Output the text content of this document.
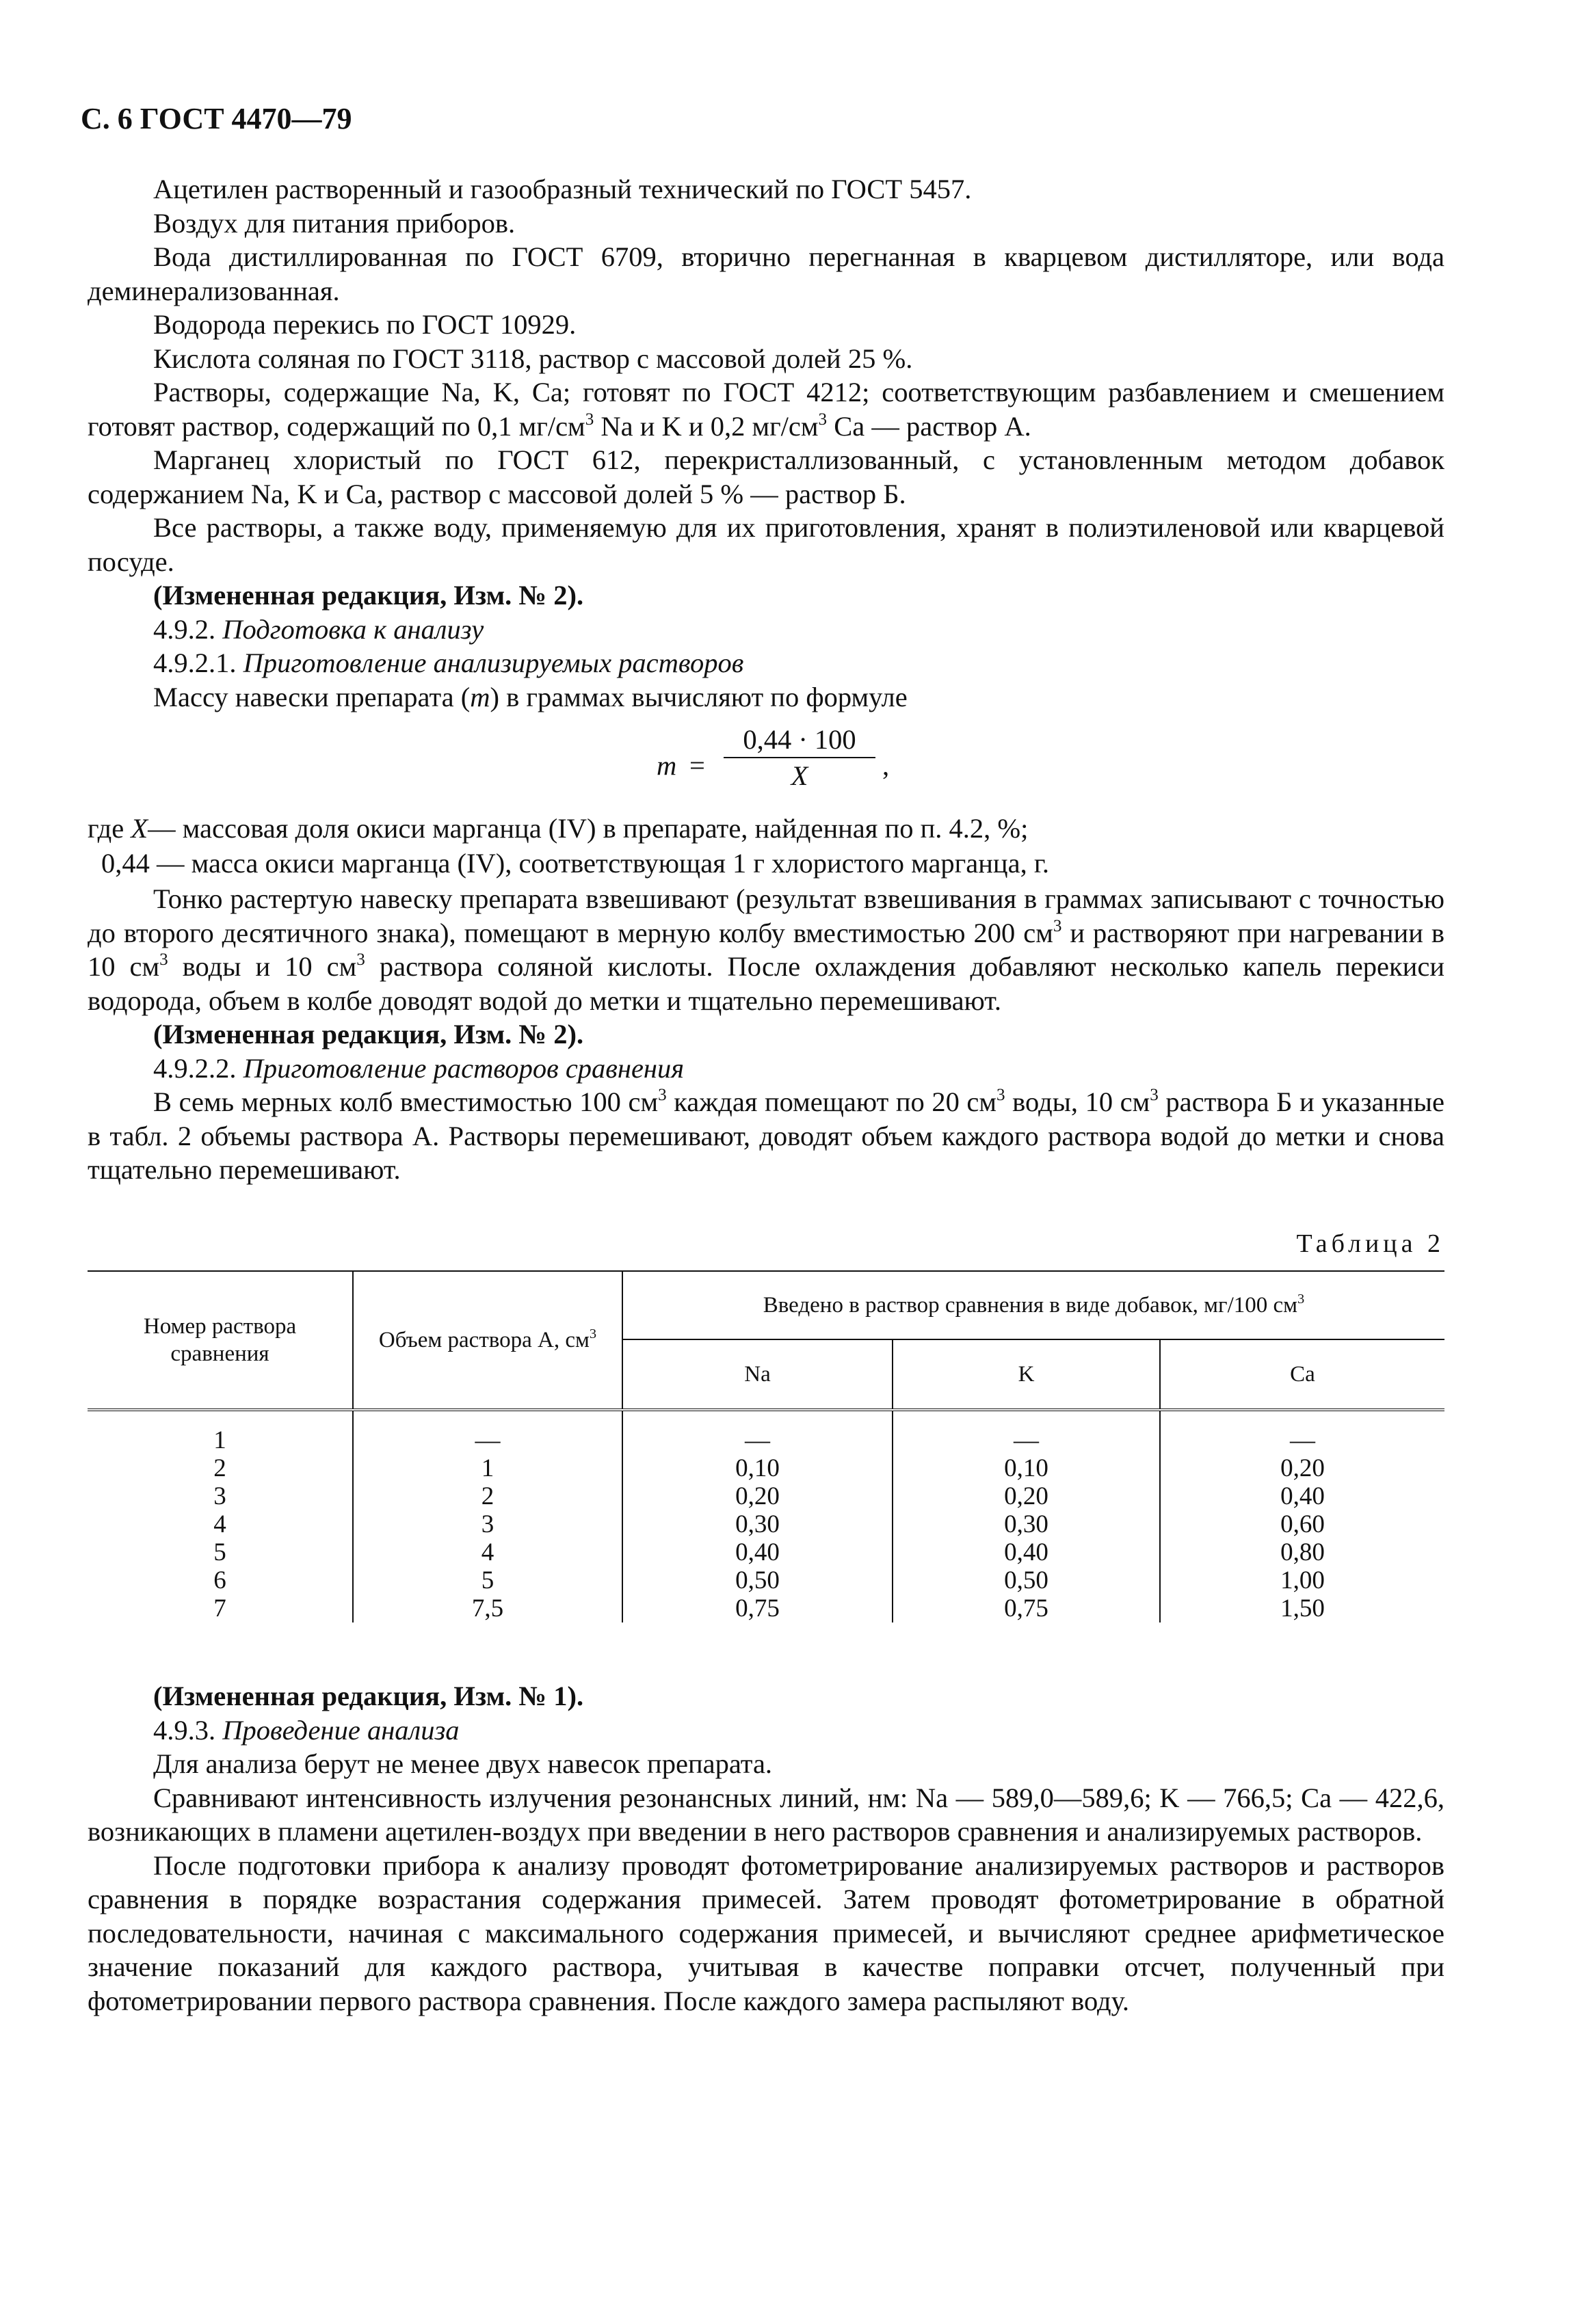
С. 6 ГОСТ 4470—79

Ацетилен растворенный и газообразный технический по ГОСТ 5457.

Воздух для питания приборов.

Вода дистиллированная по ГОСТ 6709, вторично перегнанная в кварцевом дистилляторе, или вода деминерализованная.

Водорода перекись по ГОСТ 10929.

Кислота соляная по ГОСТ 3118, раствор с массовой долей 25 %.

Растворы, содержащие Na, K, Ca; готовят по ГОСТ 4212; соответствующим разбавлением и смешением готовят раствор, содержащий по 0,1 $мг/см^3$ Na и K и 0,2 $мг/см^3$ Ca — раствор А.

Марганец хлористый по ГОСТ 612, перекристаллизованный, с установленным методом добавок содержанием Na, K и Ca, раствор с массовой долей 5 % — раствор Б.

Все растворы, а также воду, применяемую для их приготовления, хранят в полиэтиленовой или кварцевой посуде.

(Измененная редакция, Изм. № 2).

4.9.2. Подготовка к анализу

4.9.2.1. Приготовление анализируемых растворов

Массу навески препарата (m) в граммах вычисляют по формуле

$m = \frac{0,44 \cdot 100}{X}$ ,
где X— массовая доля окиси марганца (IV) в препарате, найденная по п. 4.2, %;
0,44 — масса окиси марганца (IV), соответствующая 1 г хлористого марганца, г.

Тонко растертую навеску препарата взвешивают (результат взвешивания в граммах записывают с точностью до второго десятичного знака), помещают в мерную колбу вместимостью 200 $см^3$ и растворяют при нагревании в 10 $см^3$ воды и 10 $см^3$ раствора соляной кислоты. После охлаждения добавляют несколько капель перекиси водорода, объем в колбе доводят водой до метки и тщательно перемешивают.

(Измененная редакция, Изм. № 2).

4.9.2.2. Приготовление растворов сравнения

В семь мерных колб вместимостью 100 $см^3$ каждая помещают по 20 $см^3$ воды, 10 $см^3$ раствора Б и указанные в табл. 2 объемы раствора А. Растворы перемешивают, доводят объем каждого раствора водой до метки и снова тщательно перемешивают.

Таблица 2
Номер раствора сравнения	Объем раствора А, $см^3$	Введено в раствор сравнения в виде добавок, мг/100 $см^3$
		Na	K	Ca
1	—	—	—	—
2	1	0,10	0,10	0,20
3	2	0,20	0,20	0,40
4	3	0,30	0,30	0,60
5	4	0,40	0,40	0,80
6	5	0,50	0,50	1,00
7	7,5	0,75	0,75	1,50

(Измененная редакция, Изм. № 1).

4.9.3. Проведение анализа

Для анализа берут не менее двух навесок препарата.

Сравнивают интенсивность излучения резонансных линий, нм: Na — 589,0—589,6; K — 766,5; Ca — 422,6, возникающих в пламени ацетилен-воздух при введении в него растворов сравнения и анализируемых растворов.

После подготовки прибора к анализу проводят фотометрирование анализируемых растворов и растворов сравнения в порядке возрастания содержания примесей. Затем проводят фотометрирование в обратной последовательности, начиная с максимального содержания примесей, и вычисляют среднее арифметическое значение показаний для каждого раствора, учитывая в качестве поправки отсчет, полученный при фотометрировании первого раствора сравнения. После каждого замера распыляют воду.
